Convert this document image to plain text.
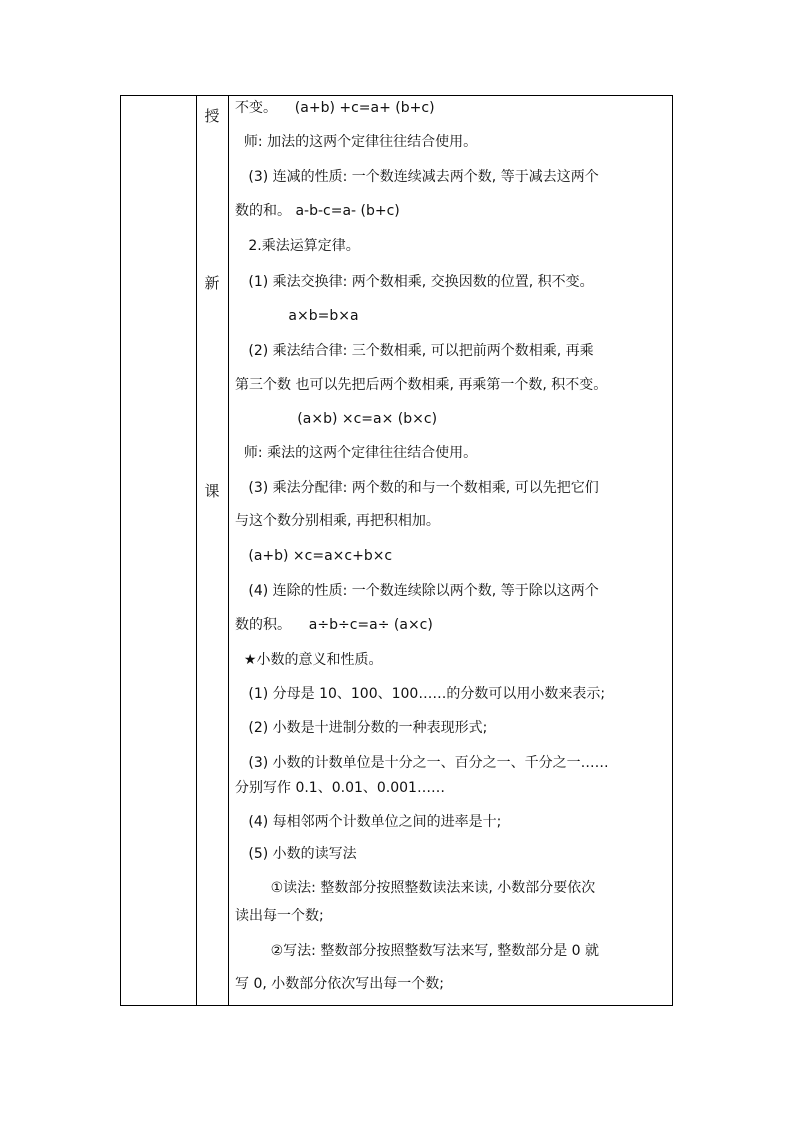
授
新
课
不变。    (a+b) +c=a+ (b+c)
师: 加法的这两个定律往往结合使用。
(3) 连减的性质: 一个数连续减去两个数, 等于减去这两个
数的和。 a-b-c=a- (b+c)
2.乘法运算定律。
(1) 乘法交换律: 两个数相乘, 交换因数的位置, 积不变。
a×b=b×a
(2) 乘法结合律: 三个数相乘, 可以把前两个数相乘, 再乘
第三个数 也可以先把后两个数相乘, 再乘第一个数, 积不变。
(a×b) ×c=a× (b×c)
师: 乘法的这两个定律往往结合使用。
(3) 乘法分配律: 两个数的和与一个数相乘, 可以先把它们
与这个数分别相乘, 再把积相加。
(a+b) ×c=a×c+b×c
(4) 连除的性质: 一个数连续除以两个数, 等于除以这两个
数的积。    a÷b÷c=a÷ (a×c)
★小数的意义和性质。
(1) 分母是 10、100、100……的分数可以用小数来表示;
(2) 小数是十进制分数的一种表现形式;
(3) 小数的计数单位是十分之一、百分之一、千分之一……
分别写作 0.1、0.01、0.001……
(4) 每相邻两个计数单位之间的进率是十;
(5) 小数的读写法
①读法: 整数部分按照整数读法来读, 小数部分要依次
读出每一个数;
②写法: 整数部分按照整数写法来写, 整数部分是 0 就
写 0, 小数部分依次写出每一个数;
